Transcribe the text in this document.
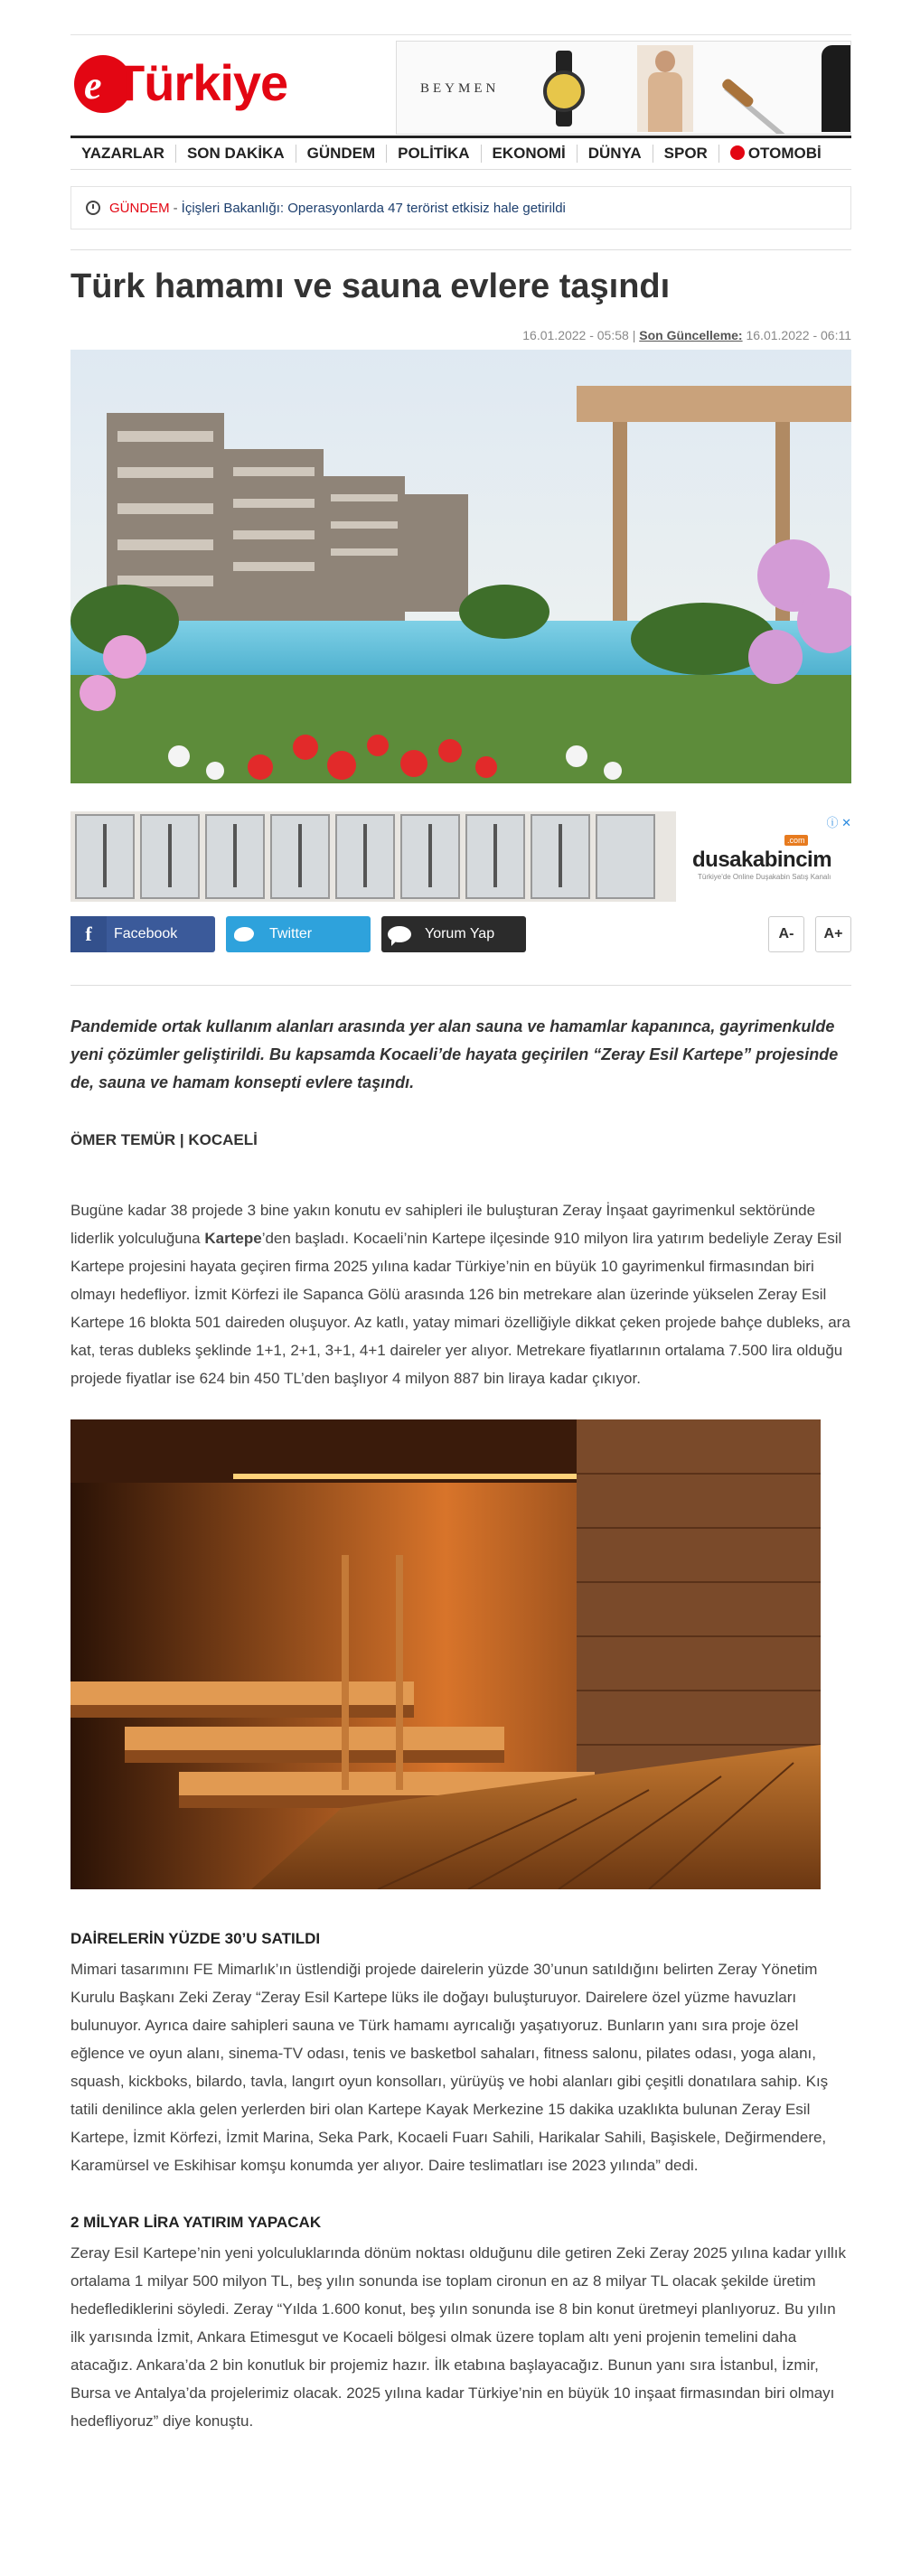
e Türkiye	BEYMEN
YAZARLAR	SON DAKİKA	GÜNDEM	POLİTİKA	EKONOMİ	DÜNYA	SPOR	OTOMOBİ
GÜNDEM - İçişleri Bakanlığı: Operasyonlarda 47 terörist etkisiz hale getirildi
Türk hamamı ve sauna evlere taşındı
16.01.2022 - 05:58 | Son Güncelleme: 16.01.2022 - 06:11
ⓘ ✕
.com
dusakabincim
Türkiye'de Online Duşakabin Satış Kanalı
f	Facebook	Twitter	Yorum Yap	A-	A+

Pandemide ortak kullanım alanları arasında yer alan sauna ve hamamlar kapanınca, gayrimenkulde yeni çözümler geliştirildi. Bu kapsamda Kocaeli’de hayata geçirilen “Zeray Esil Kartepe” projesinde de, sauna ve hamam konsepti evlere taşındı.

ÖMER TEMÜR | KOCAELİ

Bugüne kadar 38 projede 3 bine yakın konutu ev sahipleri ile buluşturan Zeray İnşaat gayrimenkul sektöründe liderlik yolculuğuna Kartepe’den başladı. Kocaeli’nin Kartepe ilçesinde 910 milyon lira yatırım bedeliyle Zeray Esil Kartepe projesini hayata geçiren firma 2025 yılına kadar Türkiye’nin en büyük 10 gayrimenkul firmasından biri olmayı hedefliyor. İzmit Körfezi ile Sapanca Gölü arasında 126 bin metrekare alan üzerinde yükselen Zeray Esil Kartepe 16 blokta 501 daireden oluşuyor. Az katlı, yatay mimari özelliğiyle dikkat çeken projede bahçe dubleks, ara kat, teras dubleks şeklinde 1+1, 2+1, 3+1, 4+1 daireler yer alıyor. Metrekare fiyatlarının ortalama 7.500 lira olduğu projede fiyatlar ise 624 bin 450 TL’den başlıyor 4 milyon 887 bin liraya kadar çıkıyor.

DAİRELERİN YÜZDE 30’U SATILDI

Mimari tasarımını FE Mimarlık’ın üstlendiği projede dairelerin yüzde 30’unun satıldığını belirten Zeray Yönetim Kurulu Başkanı Zeki Zeray “Zeray Esil Kartepe lüks ile doğayı buluşturuyor. Dairelere özel yüzme havuzları bulunuyor. Ayrıca daire sahipleri sauna ve Türk hamamı ayrıcalığı yaşatıyoruz. Bunların yanı sıra proje özel eğlence ve oyun alanı, sinema-TV odası, tenis ve basketbol sahaları, fitness salonu, pilates odası, yoga alanı, squash, kickboks, bilardo, tavla, langırt oyun konsolları, yürüyüş ve hobi alanları gibi çeşitli donatılara sahip. Kış tatili denilince akla gelen yerlerden biri olan Kartepe Kayak Merkezine 15 dakika uzaklıkta bulunan Zeray Esil Kartepe, İzmit Körfezi, İzmit Marina, Seka Park, Kocaeli Fuarı Sahili, Harikalar Sahili, Başiskele, Değirmendere, Karamürsel ve Eskihisar komşu konumda yer alıyor. Daire teslimatları ise 2023 yılında” dedi.

2 MİLYAR LİRA YATIRIM YAPACAK

Zeray Esil Kartepe’nin yeni yolculuklarında dönüm noktası olduğunu dile getiren Zeki Zeray 2025 yılına kadar yıllık ortalama 1 milyar 500 milyon TL, beş yılın sonunda ise toplam cironun en az 8 milyar TL olacak şekilde üretim hedeflediklerini söyledi. Zeray “Yılda 1.600 konut, beş yılın sonunda ise 8 bin konut üretmeyi planlıyoruz. Bu yılın ilk yarısında İzmit, Ankara Etimesgut ve Kocaeli bölgesi olmak üzere toplam altı yeni projenin temelini daha atacağız. Ankara’da 2 bin konutluk bir projemiz hazır. İlk etabına başlayacağız. Bunun yanı sıra İstanbul, İzmir, Bursa ve Antalya’da projelerimiz olacak. 2025 yılına kadar Türkiye’nin en büyük 10 inşaat firmasından biri olmayı hedefliyoruz” diye konuştu.
